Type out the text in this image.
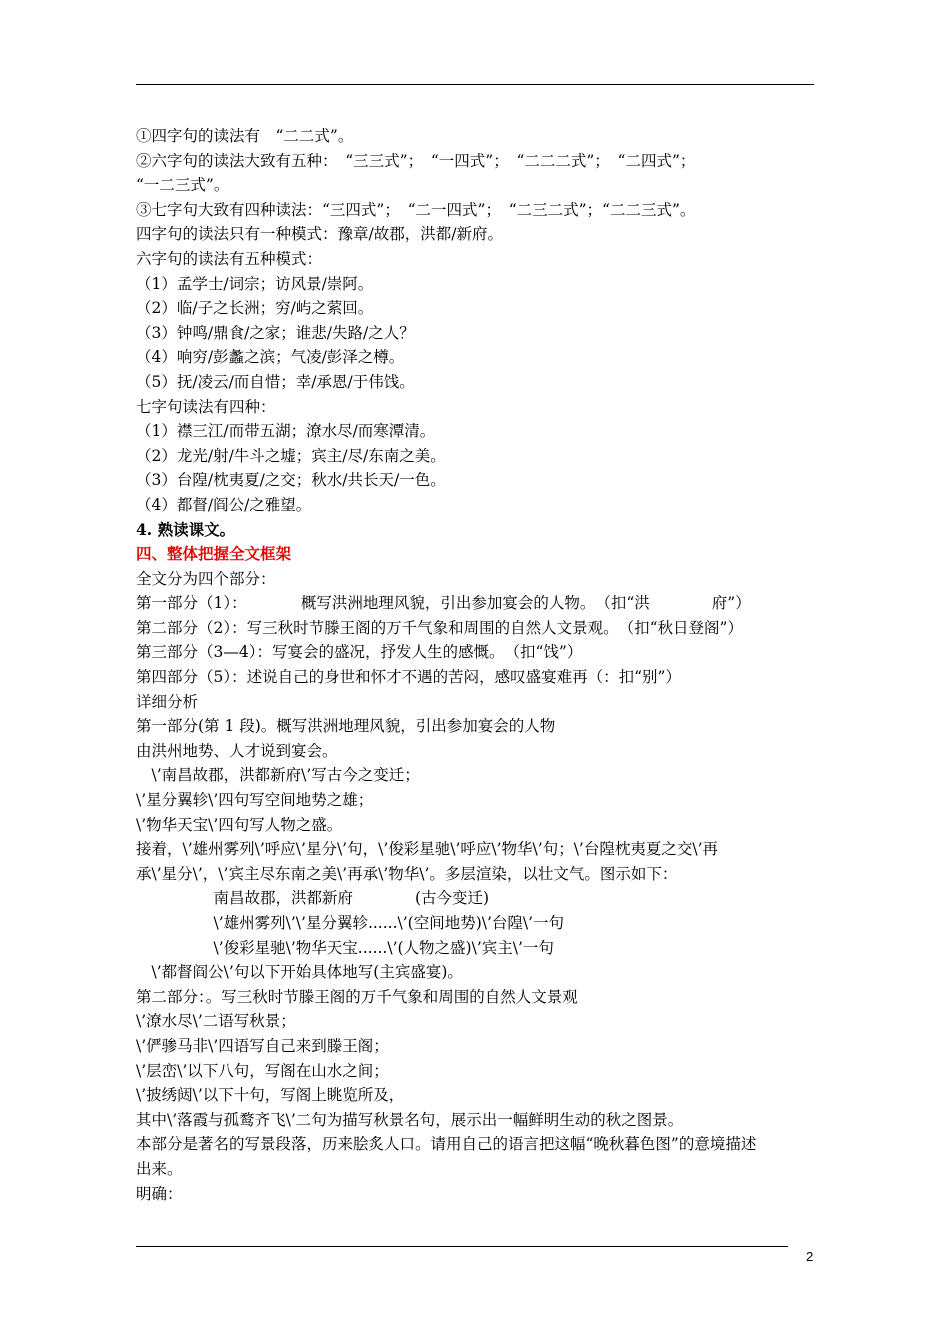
①四字句的读法有　“二二式”。
②六字句的读法大致有五种：　“三三式”；　“一四式”；　“二二二式”；　“二四式”；
“一二三式”。
③七字句大致有四种读法：“三四式”；　“二一四式”；　“二三二式”；“二二三式”。
四字句的读法只有一种模式：豫章/故郡，洪都/新府。
六字句的读法有五种模式：
（1）孟学士/词宗；访风景/崇阿。
（2）临/子之长洲；穷/屿之萦回。
（3）钟鸣/鼎食/之家；谁悲/失路/之人？
（4）响穷/彭蠡之滨；气凌/彭泽之樽。
（5）抚/凌云/而自惜；幸/承恩/于伟饯。
七字句读法有四种：
（1）襟三江/而带五湖；潦水尽/而寒潭清。
（2）龙光/射/牛斗之墟；宾主/尽/东南之美。
（3）台隍/枕夷夏/之交；秋水/共长天/一色。
（4）都督/阎公/之雅望。
4. 熟读课文。
四、整体把握全文框架
全文分为四个部分：
第一部分（1）：　　　　概写洪洲地理风貌，引出参加宴会的人物。　（扣“洪　　　　府”）
第二部分（2）：写三秋时节滕王阁的万千气象和周围的自然人文景观。　（扣“秋日登阁”）
第三部分（3—4）：写宴会的盛况，抒发人生的感慨。　（扣“饯”）
第四部分（5）：述说自己的身世和怀才不遇的苦闷，感叹盛宴难再（：扣“别”）
详细分析
第一部分(第 1 段)。概写洪洲地理风貌，引出参加宴会的人物
由洪州地势、人才说到宴会。
　\’南昌故郡，洪都新府\’写古今之变迁；
\’星分翼轸\’四句写空间地势之雄；
\’物华天宝\’四句写人物之盛。
接着，\’雄州雾列\’呼应\’星分\’句，\’俊彩星驰\’呼应\’物华\’句；\’台隍枕夷夏之交\’再
承\’星分\’，\’宾主尽东南之美\’再承\’物华\’。多层渲染，以壮文气。图示如下：
　　　　　南昌故郡，洪都新府　　　　(古今变迁)
　　　　　\’雄州雾列\’\’星分翼轸......\’(空间地势)\’台隍\’一句
　　　　　\’俊彩星驰\’物华天宝......\’(人物之盛)\’宾主\’一句
　\’都督阎公\’句以下开始具体地写(主宾盛宴)。
第二部分：。写三秋时节滕王阁的万千气象和周围的自然人文景观
\’潦水尽\’二语写秋景；
\’俨骖马非\’四语写自己来到滕王阁；
\’层峦\’以下八句，写阁在山水之间；
\’披绣闼\’以下十句，写阁上眺览所及，
其中\’落霞与孤鹜齐飞\’二句为描写秋景名句，展示出一幅鲜明生动的秋之图景。
本部分是著名的写景段落，历来脍炙人口。请用自己的语言把这幅“晚秋暮色图”的意境描述
出来。
明确：
2
